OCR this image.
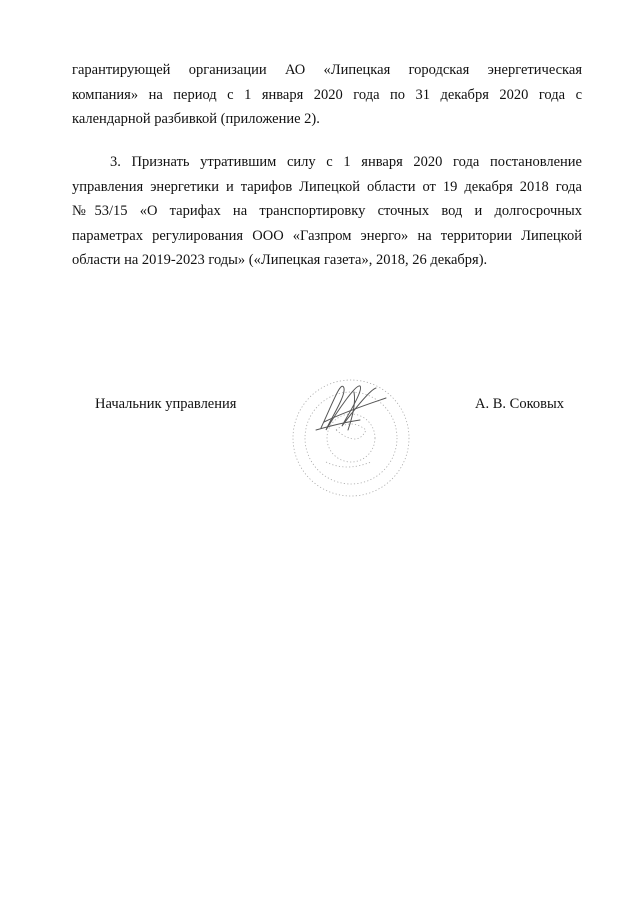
гарантирующей организации АО «Липецкая городская энергетическая
компания» на период с 1 января 2020 года по 31 декабря 2020 года с
календарной разбивкой (приложение 2).
3. Признать утратившим силу с 1 января 2020 года постановление
управления энергетики и тарифов Липецкой области от 19 декабря 2018 года
№53/15 «О тарифах на транспортировку сточных вод и долгосрочных
параметрах регулирования ООО «Газпром энерго» на территории Липецкой
области на 2019-2023 годы» («Липецкая газета», 2018, 26 декабря).
Начальник управления	А. В. Соковых
